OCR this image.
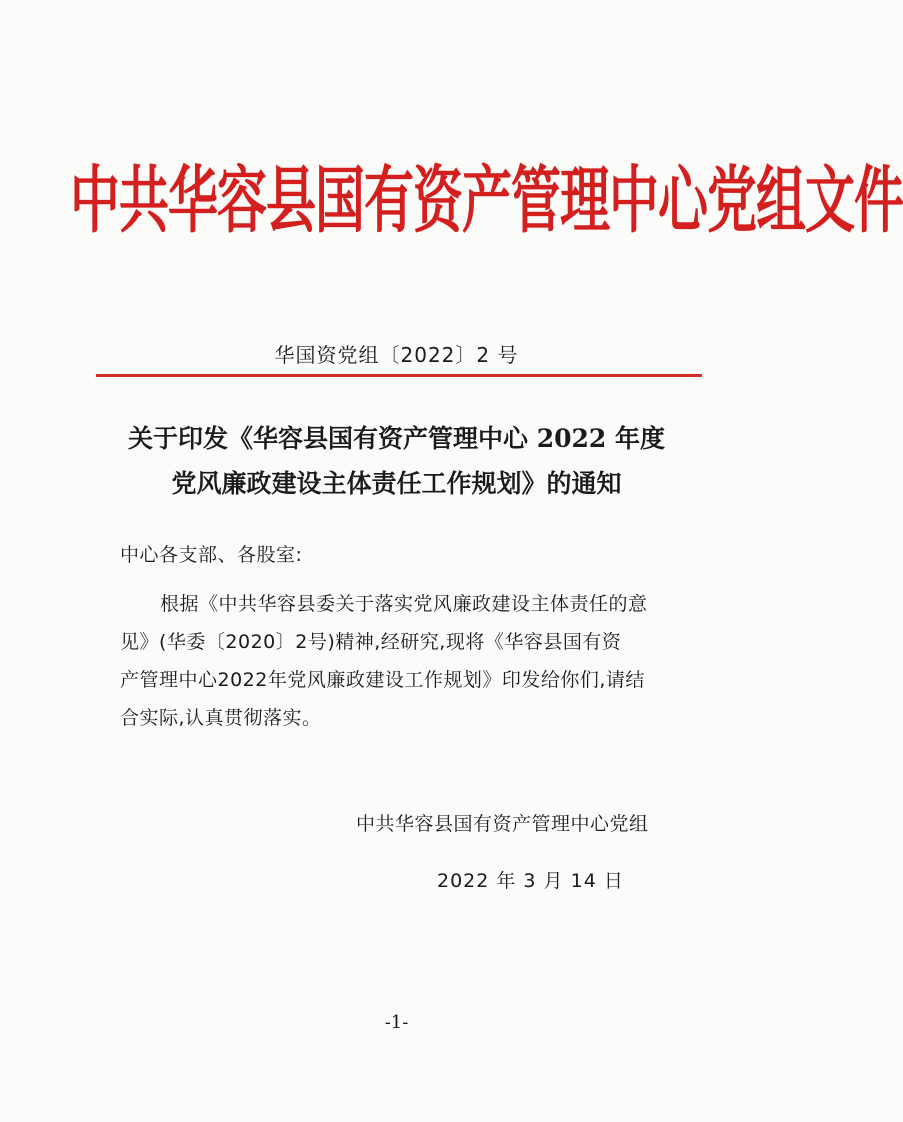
中共华容县国有资产管理中心党组文件
华国资党组〔2022〕2 号
关于印发《华容县国有资产管理中心 2022 年度
党风廉政建设主体责任工作规划》的通知
中心各支部、各股室:
根据《中共华容县委关于落实党风廉政建设主体责任的意
见》(华委〔2020〕2号)精神,经研究,现将《华容县国有资
产管理中心2022年党风廉政建设工作规划》印发给你们,请结
合实际,认真贯彻落实。
中共华容县国有资产管理中心党组
2022 年 3 月 14 日
-1-
